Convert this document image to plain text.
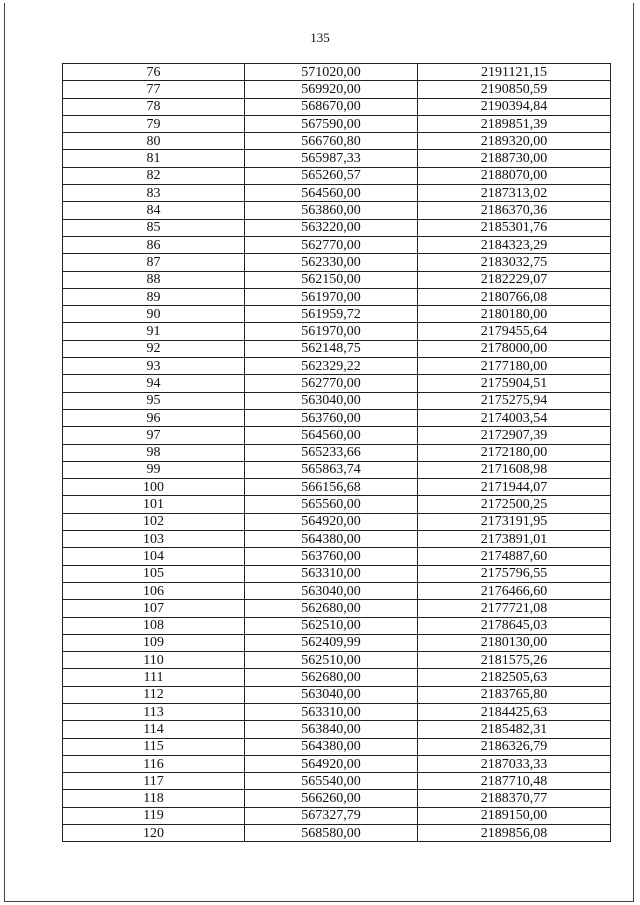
135
76	571020,00	2191121,15
77	569920,00	2190850,59
78	568670,00	2190394,84
79	567590,00	2189851,39
80	566760,80	2189320,00
81	565987,33	2188730,00
82	565260,57	2188070,00
83	564560,00	2187313,02
84	563860,00	2186370,36
85	563220,00	2185301,76
86	562770,00	2184323,29
87	562330,00	2183032,75
88	562150,00	2182229,07
89	561970,00	2180766,08
90	561959,72	2180180,00
91	561970,00	2179455,64
92	562148,75	2178000,00
93	562329,22	2177180,00
94	562770,00	2175904,51
95	563040,00	2175275,94
96	563760,00	2174003,54
97	564560,00	2172907,39
98	565233,66	2172180,00
99	565863,74	2171608,98
100	566156,68	2171944,07
101	565560,00	2172500,25
102	564920,00	2173191,95
103	564380,00	2173891,01
104	563760,00	2174887,60
105	563310,00	2175796,55
106	563040,00	2176466,60
107	562680,00	2177721,08
108	562510,00	2178645,03
109	562409,99	2180130,00
110	562510,00	2181575,26
111	562680,00	2182505,63
112	563040,00	2183765,80
113	563310,00	2184425,63
114	563840,00	2185482,31
115	564380,00	2186326,79
116	564920,00	2187033,33
117	565540,00	2187710,48
118	566260,00	2188370,77
119	567327,79	2189150,00
120	568580,00	2189856,08
